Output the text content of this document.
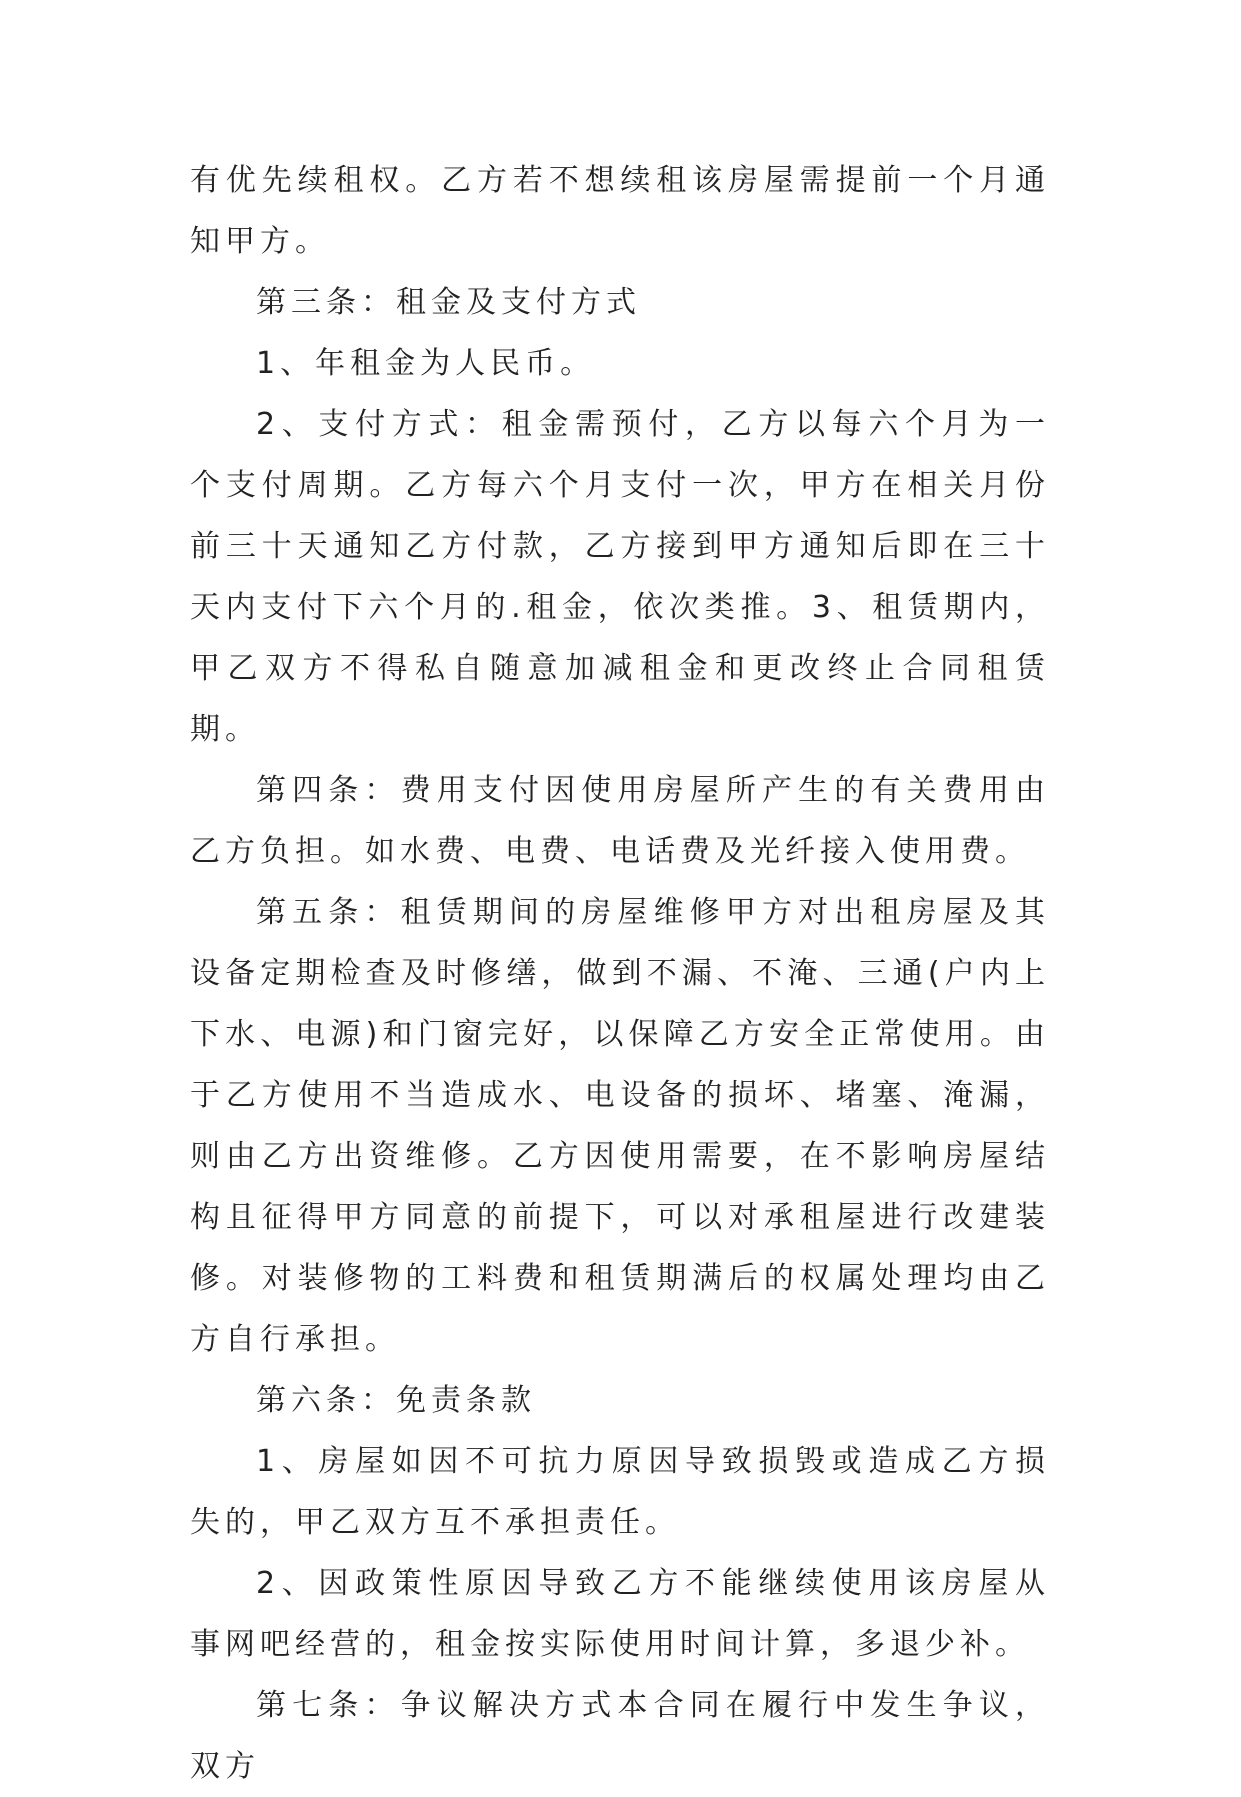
有优先续租权。乙方若不想续租该房屋需提前一个月通知甲方。

第三条：租金及支付方式

1、年租金为人民币。

2、支付方式：租金需预付，乙方以每六个月为一个支付周期。乙方每六个月支付一次，甲方在相关月份前三十天通知乙方付款，乙方接到甲方通知后即在三十天内支付下六个月的.租金，依次类推。3、租赁期内，甲乙双方不得私自随意加减租金和更改终止合同租赁期。

第四条：费用支付因使用房屋所产生的有关费用由乙方负担。如水费、电费、电话费及光纤接入使用费。

第五条：租赁期间的房屋维修甲方对出租房屋及其设备定期检查及时修缮，做到不漏、不淹、三通(户内上下水、电源)和门窗完好，以保障乙方安全正常使用。由于乙方使用不当造成水、电设备的损坏、堵塞、淹漏，则由乙方出资维修。乙方因使用需要，在不影响房屋结构且征得甲方同意的前提下，可以对承租屋进行改建装修。对装修物的工料费和租赁期满后的权属处理均由乙方自行承担。

第六条：免责条款

1、房屋如因不可抗力原因导致损毁或造成乙方损失的，甲乙双方互不承担责任。

2、因政策性原因导致乙方不能继续使用该房屋从事网吧经营的，租金按实际使用时间计算，多退少补。

第七条：争议解决方式本合同在履行中发生争议，双方
